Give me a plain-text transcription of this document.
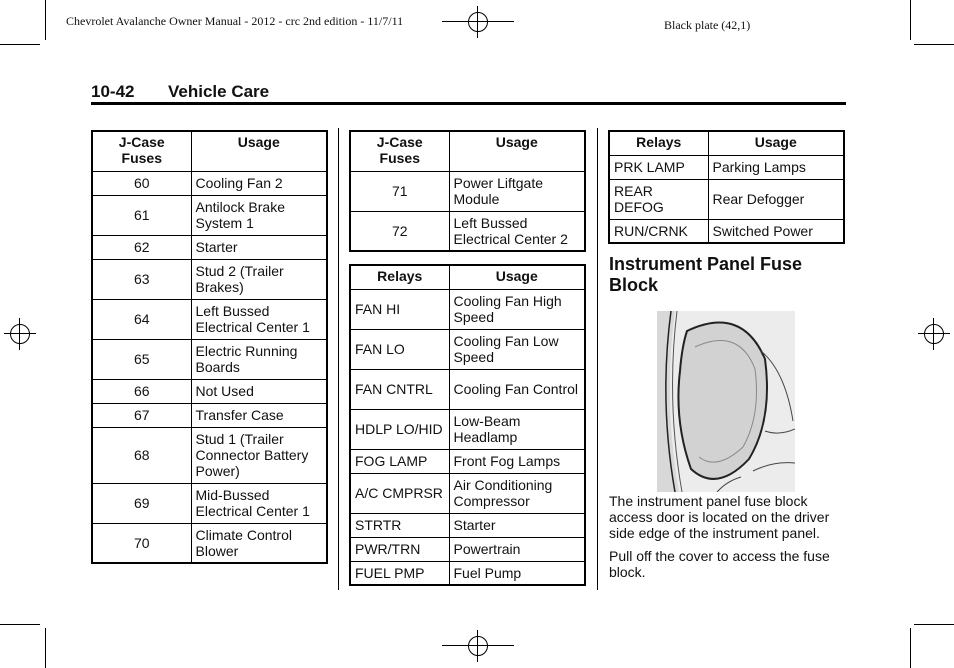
Chevrolet Avalanche Owner Manual - 2012 - crc 2nd edition - 11/7/11	Black plate (42,1)
10-42 Vehicle Care
J-Case
Fuses	Usage
60	Cooling Fan 2
61	Antilock Brake System 1
62	Starter
63	Stud 2 (Trailer Brakes)
64	Left Bussed Electrical Center 1
65	Electric Running Boards
66	Not Used
67	Transfer Case
68	Stud 1 (Trailer Connector Battery Power)
69	Mid-Bussed Electrical Center 1
70	Climate Control Blower
J-Case
Fuses	Usage
71	Power Liftgate Module
72	Left Bussed Electrical Center 2
Relays	Usage
FAN HI	Cooling Fan High Speed
FAN LO	Cooling Fan Low Speed
FAN CNTRL	Cooling Fan Control
HDLP LO/HID	Low-Beam Headlamp
FOG LAMP	Front Fog Lamps
A/C CMPRSR	Air Conditioning Compressor
STRTR	Starter
PWR/TRN	Powertrain
FUEL PMP	Fuel Pump
Relays	Usage
PRK LAMP	Parking Lamps
REAR DEFOG	Rear Defogger
RUN/CRNK	Switched Power
Instrument Panel Fuse Block
The instrument panel fuse block access door is located on the driver side edge of the instrument panel.
Pull off the cover to access the fuse block.
